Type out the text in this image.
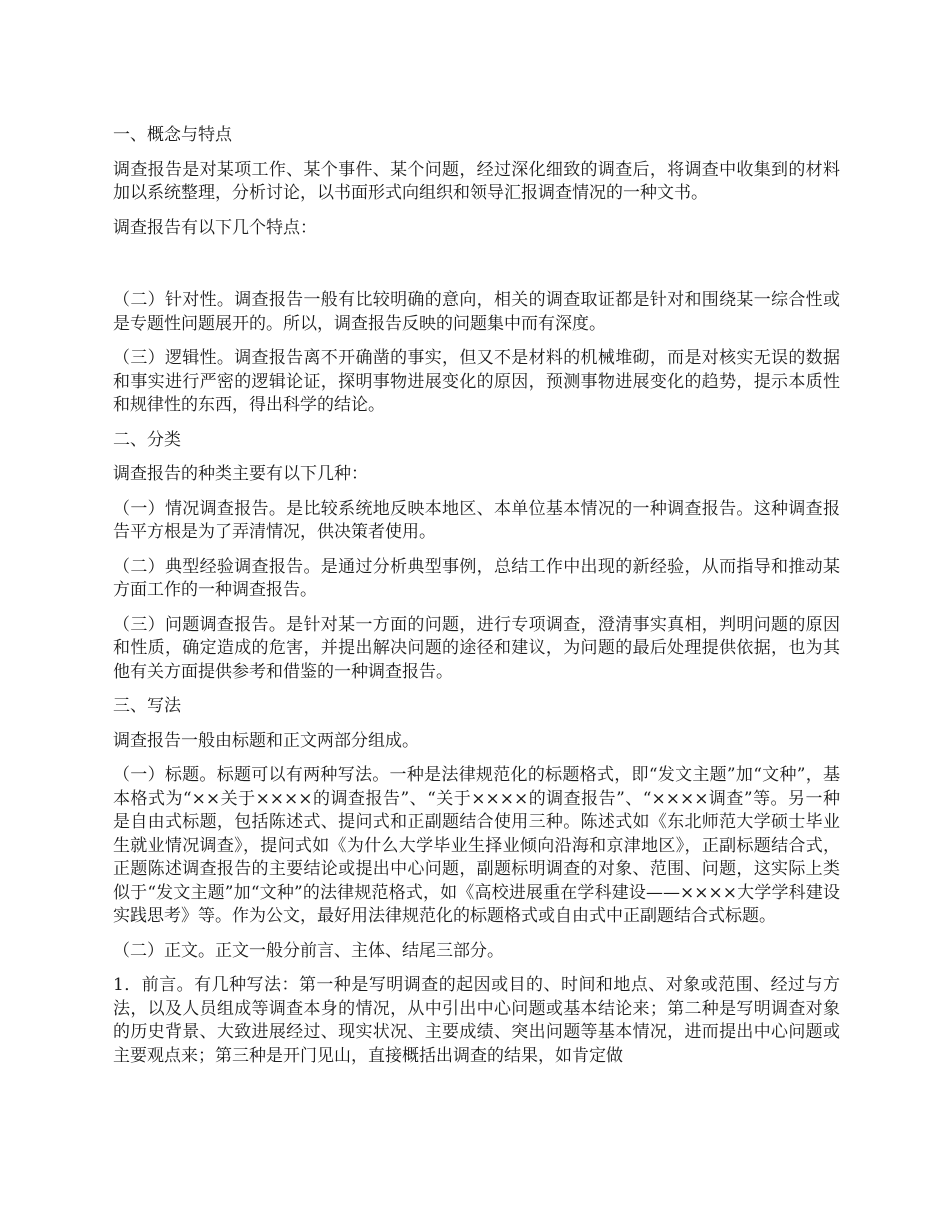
一、概念与特点

调查报告是对某项工作、某个事件、某个问题，经过深化细致的调查后，将调查中收集到的材料加以系统整理，分析讨论，以书面形式向组织和领导汇报调查情况的一种文书。

调查报告有以下几个特点：

（二）针对性。调查报告一般有比较明确的意向，相关的调查取证都是针对和围绕某一综合性或是专题性问题展开的。所以，调查报告反映的问题集中而有深度。

（三）逻辑性。调查报告离不开确凿的事实，但又不是材料的机械堆砌，而是对核实无误的数据和事实进行严密的逻辑论证，探明事物进展变化的原因，预测事物进展变化的趋势，提示本质性和规律性的东西，得出科学的结论。

二、分类

调查报告的种类主要有以下几种：

（一）情况调查报告。是比较系统地反映本地区、本单位基本情况的一种调查报告。这种调查报告平方根是为了弄清情况，供决策者使用。

（二）典型经验调查报告。是通过分析典型事例，总结工作中出现的新经验，从而指导和推动某方面工作的一种调查报告。

（三）问题调查报告。是针对某一方面的问题，进行专项调查，澄清事实真相，判明问题的原因和性质，确定造成的危害，并提出解决问题的途径和建议，为问题的最后处理提供依据，也为其他有关方面提供参考和借鉴的一种调查报告。

三、写法

调查报告一般由标题和正文两部分组成。

（一）标题。标题可以有两种写法。一种是法律规范化的标题格式，即“发文主题”加“文种”，基本格式为“××关于××××的调查报告”、“关于××××的调查报告”、“××××调查”等。另一种是自由式标题，包括陈述式、提问式和正副题结合使用三种。陈述式如《东北师范大学硕士毕业生就业情况调查》，提问式如《为什么大学毕业生择业倾向沿海和京津地区》，正副标题结合式，正题陈述调查报告的主要结论或提出中心问题，副题标明调查的对象、范围、问题，这实际上类似于“发文主题”加“文种”的法律规范格式，如《高校进展重在学科建设——××××大学学科建设实践思考》等。作为公文，最好用法律规范化的标题格式或自由式中正副题结合式标题。

（二）正文。正文一般分前言、主体、结尾三部分。

1．前言。有几种写法：第一种是写明调查的起因或目的、时间和地点、对象或范围、经过与方法，以及人员组成等调查本身的情况，从中引出中心问题或基本结论来；第二种是写明调查对象的历史背景、大致进展经过、现实状况、主要成绩、突出问题等基本情况，进而提出中心问题或主要观点来；第三种是开门见山，直接概括出调查的结果，如肯定做
